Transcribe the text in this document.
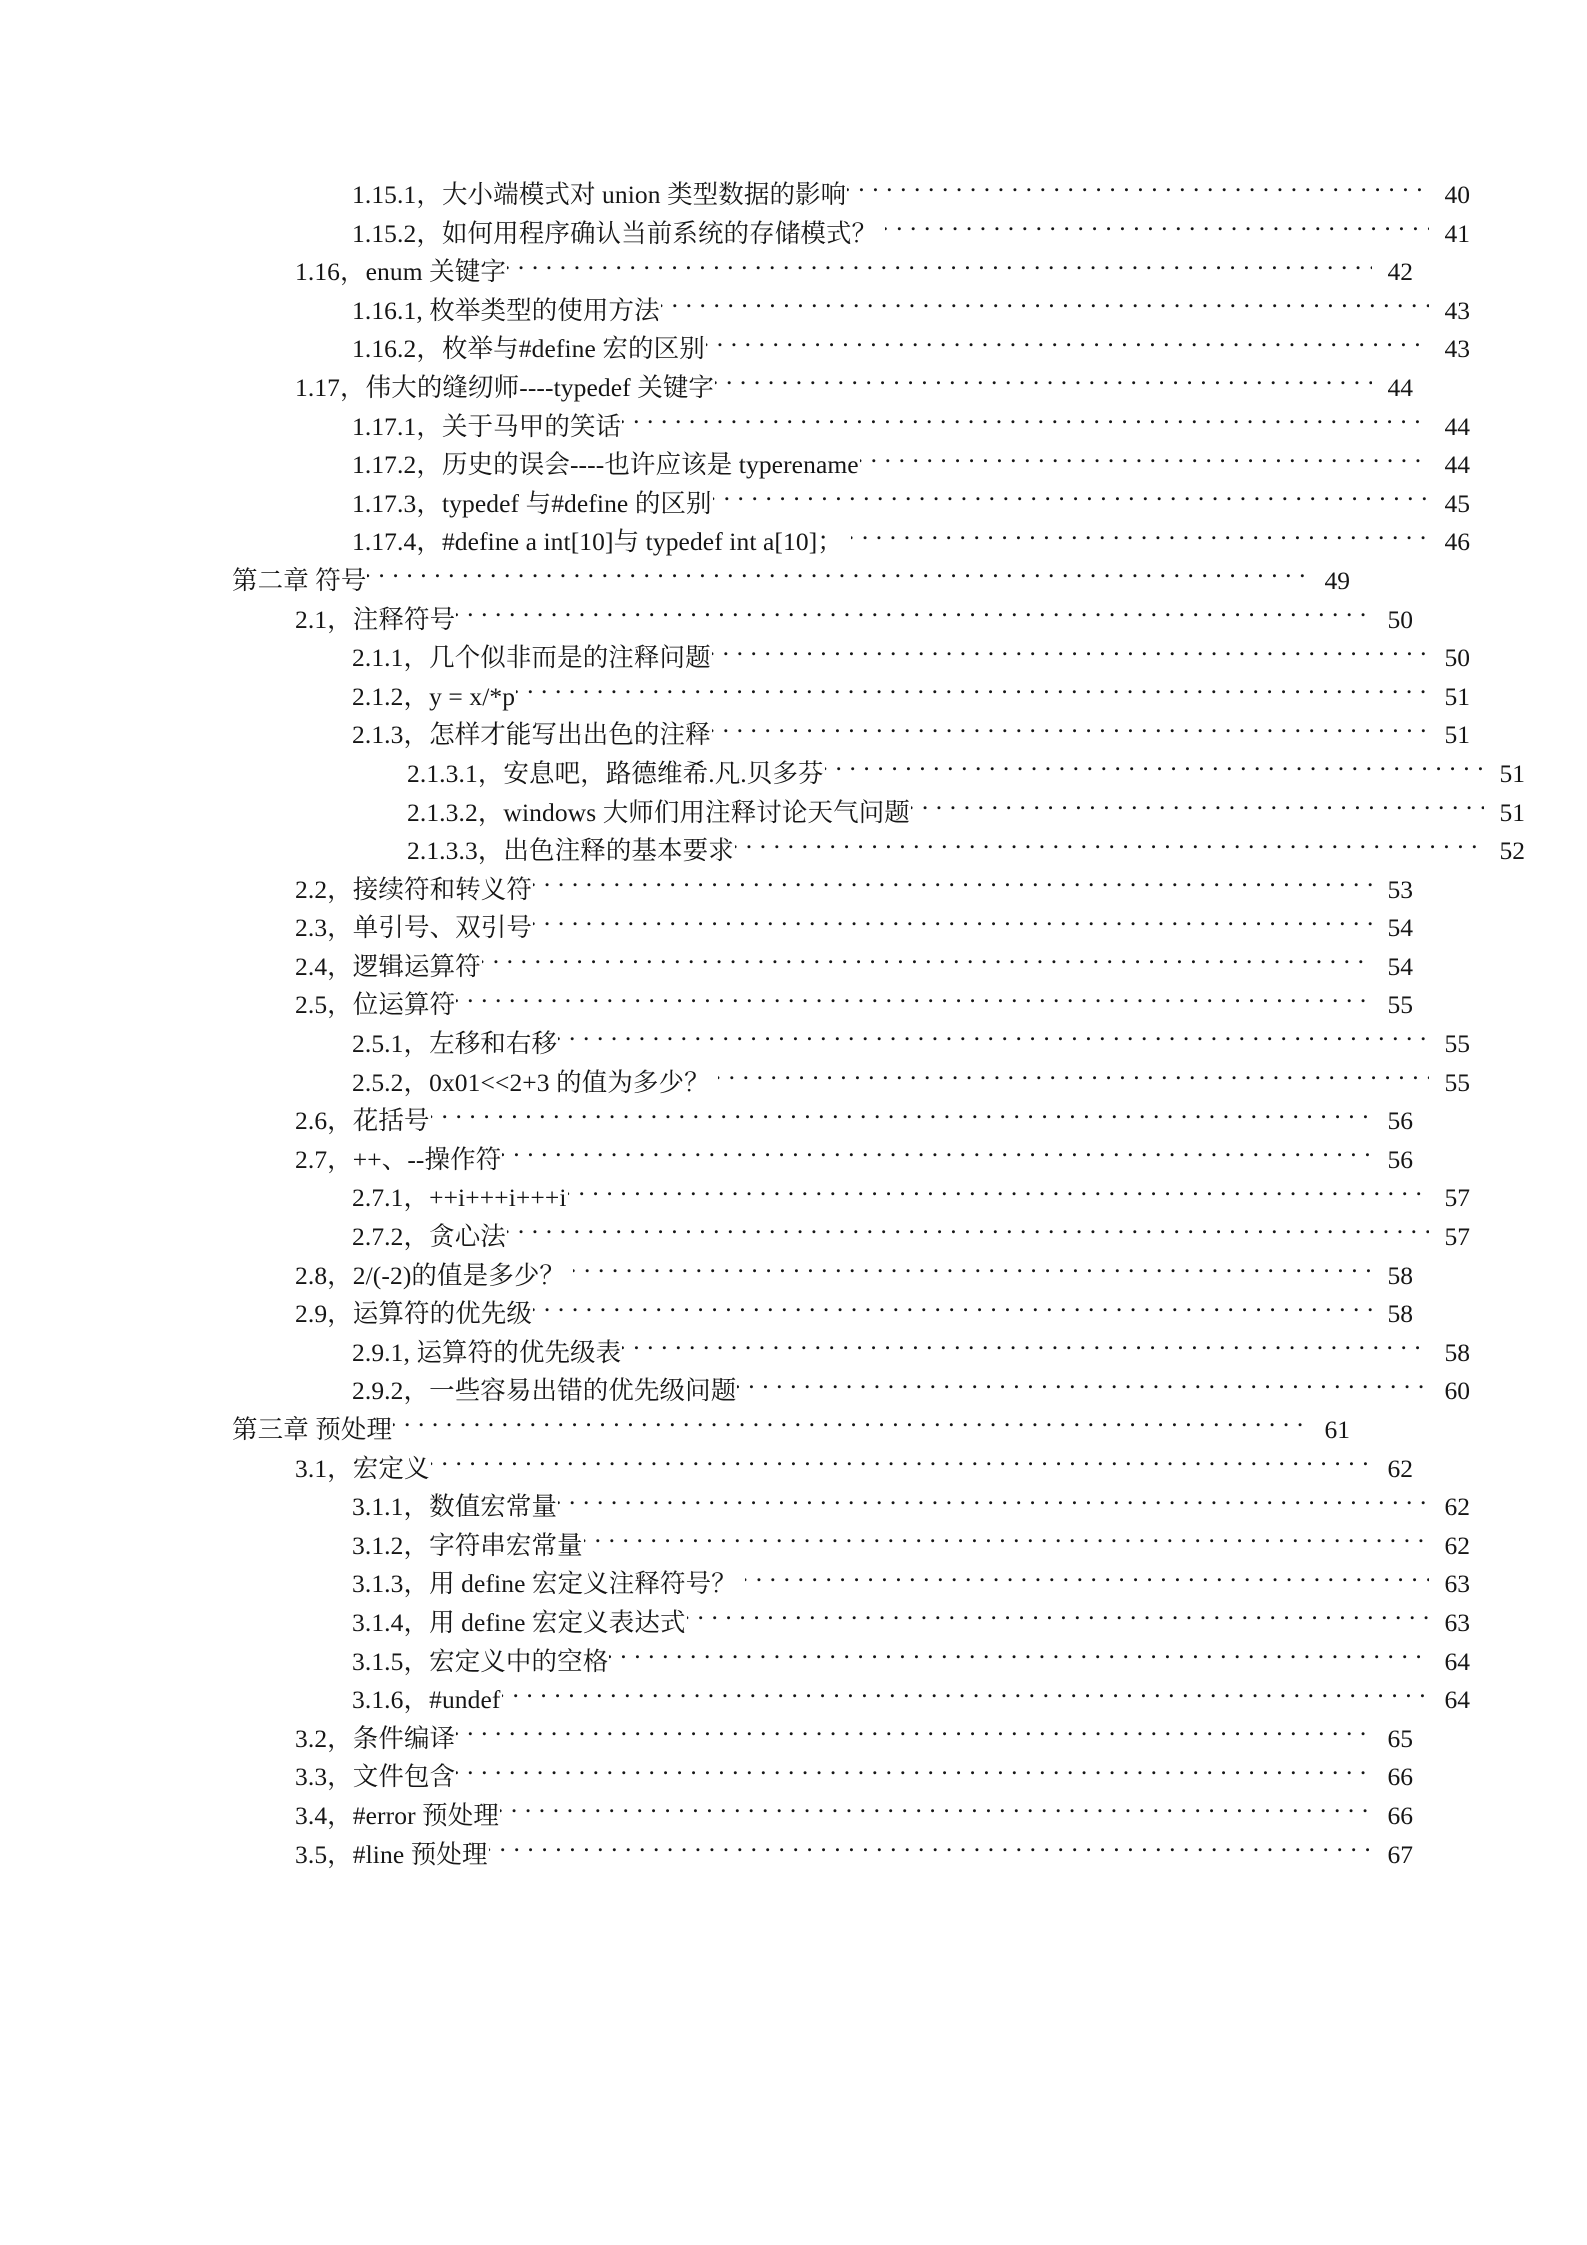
1.15.1，大小端模式对 union 类型数据的影响 . . .	40
1.15.2，如何用程序确认当前系统的存储模式？ . . .	41
1.16，enum 关键字 . . .	42
1.16.1, 枚举类型的使用方法 . . .	43
1.16.2，枚举与#define 宏的区别 . . .	43
1.17，伟大的缝纫师----typedef 关键字 . . .	44
1.17.1，关于马甲的笑话 . . .	44
1.17.2，历史的误会----也许应该是 typerename . . .	44
1.17.3，typedef 与#define 的区别 . . .	45
1.17.4，#define a int[10]与 typedef int a[10]； . . .	46
第二章 符号 . . .	49
2.1，注释符号 . . .	50
2.1.1，几个似非而是的注释问题 . . .	50
2.1.2，y = x/*p . . .	51
2.1.3，怎样才能写出出色的注释 . . .	51
2.1.3.1，安息吧，路德维希.凡.贝多芬 . . .	51
2.1.3.2，windows 大师们用注释讨论天气问题 . . .	51
2.1.3.3，出色注释的基本要求 . . .	52
2.2，接续符和转义符 . . .	53
2.3，单引号、双引号 . . .	54
2.4，逻辑运算符 . . .	54
2.5，位运算符 . . .	55
2.5.1，左移和右移 . . .	55
2.5.2，0x01<<2+3 的值为多少？ . . .	55
2.6，花括号 . . .	56
2.7，++、--操作符 . . .	56
2.7.1，++i+++i+++i . . .	57
2.7.2，贪心法 . . .	57
2.8，2/(-2)的值是多少？ . . .	58
2.9，运算符的优先级 . . .	58
2.9.1, 运算符的优先级表 . . .	58
2.9.2，一些容易出错的优先级问题 . . .	60
第三章 预处理 . . .	61
3.1，宏定义 . . .	62
3.1.1，数值宏常量 . . .	62
3.1.2，字符串宏常量 . . .	62
3.1.3，用 define 宏定义注释符号？ . . .	63
3.1.4，用 define 宏定义表达式 . . .	63
3.1.5，宏定义中的空格 . . .	64
3.1.6，#undef . . .	64
3.2，条件编译 . . .	65
3.3，文件包含 . . .	66
3.4，#error 预处理 . . .	66
3.5，#line 预处理 . . .	67
